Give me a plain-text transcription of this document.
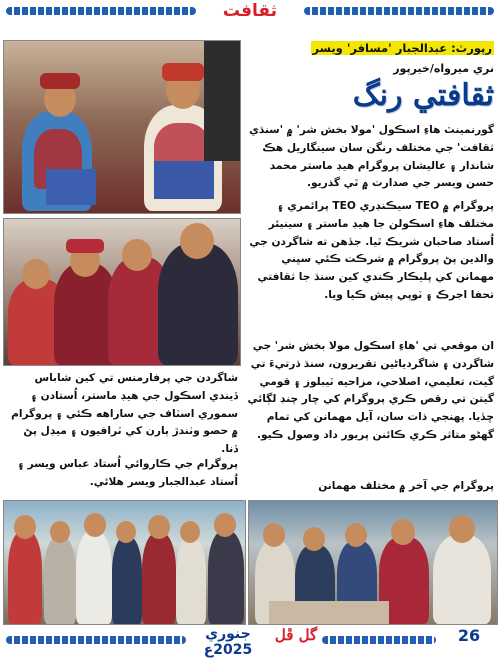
ثقافت
رپورٽ: عبدالجبار 'مسافر' ويسر
نري ميرواه/خيرپور
ثقافتي رنگ
گورنمينٽ هاءِ اسڪول 'مولا بخش شر' ۾ 'سنڌي ثقافت' جي مختلف رنگن سان سينگاريل هڪ شاندار ۽ عاليشان پروگرام هيڊ ماستر محمد حسن ويسر جي صدارت ۾ ٿي گذريو.
پروگرام ۾ TEO سيڪنڊري TEO پرائمري ۽ مختلف هاءِ اسڪولن جا هيڊ ماستر ۽ سينيئر اُستاد صاحبان شريڪ ٿيا. جڏهن ته شاگردن جي والدين پڻ پروگرام ۾ شرڪت ڪئي سڀني مهمانن کي پليڪار ڪندي کين سنڌ جا ثقافتي تحفا اجرڪ ۽ ٽوپي پيش ڪيا ويا.
ان موقعي تي 'هاءِ اسڪول مولا بخش شر' جي شاگردن ۽ شاگردياڻين تقريرون، سنڌ ڌرتيءَ تي گيت، تعليمي، اصلاحي، مزاحيه ٽيبلوز ۽ قومي گيتن تي رقص ڪري پروگرام کي چار چنڊ لڳائي ڇڏيا. پهنجي ذات سان، آيل مهمانن کي تمام گهڻو متاثر ڪري ڪائنن پريور داد وصول ڪيو.
پروگرام جي آخر ۾ مختلف مهمانن
شاگردن جي پرفارمنس تي کين شاباس ڏيندي اسڪول جي هيڊ ماستر، اُستادن ۽ سموري اسٽاف جي ساراهه ڪئي ۽ پروگرام ۾ حصو وٺندڙ ٻارن کي ٽرافيون ۽ ميڊل پڻ ڏنا.
پروگرام جي ڪاروائي اُستاد عباس ويسر ۽ اُستاد عبدالجبار ويسر هلائي.
جنوري 2025ع
گل ڦل	26
